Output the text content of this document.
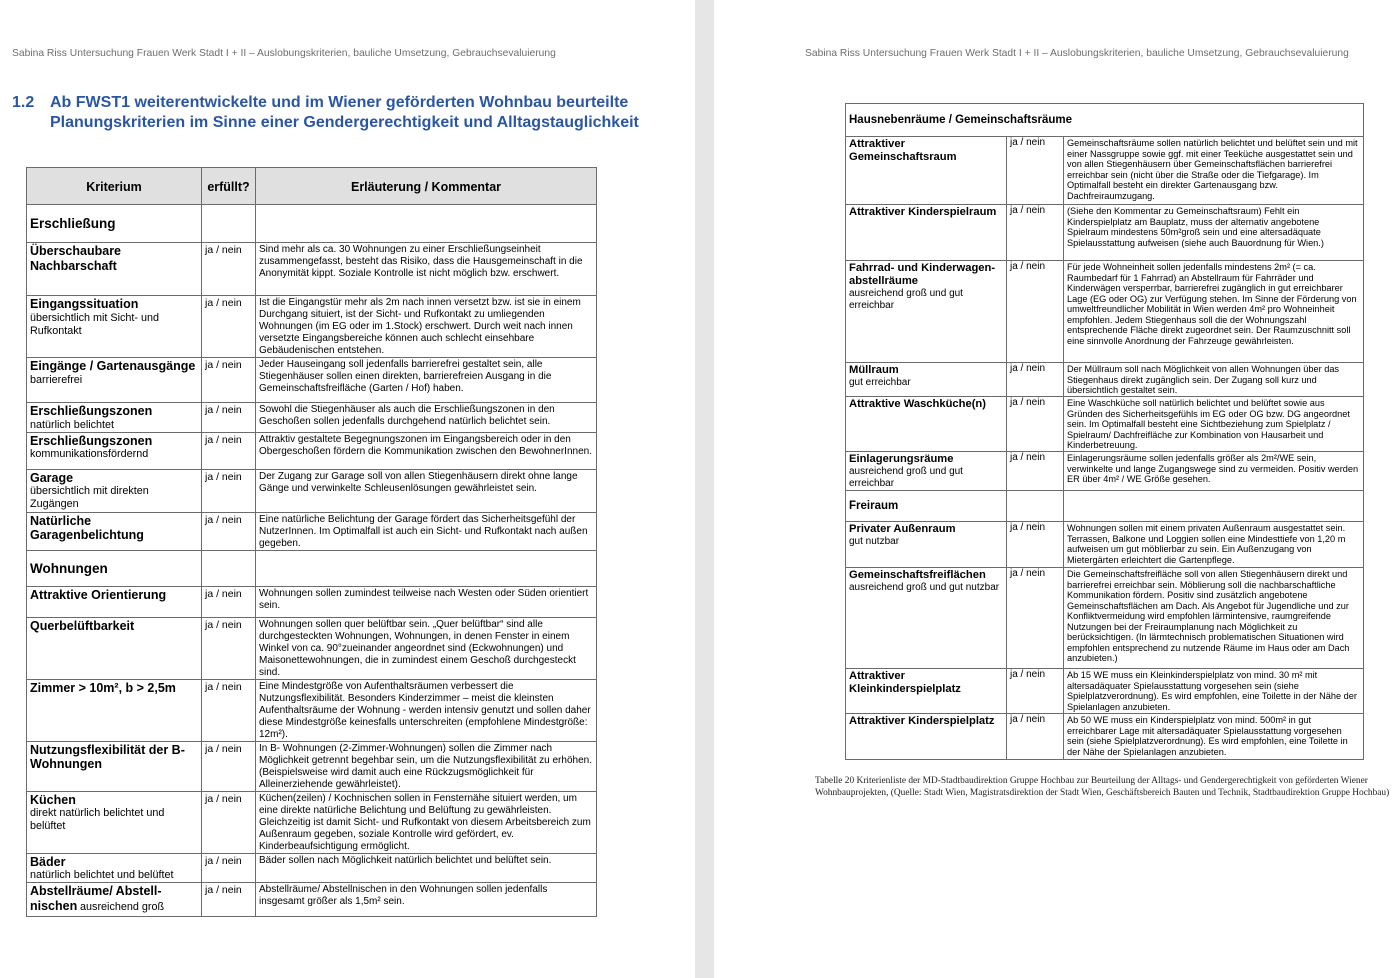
Sabina Riss Untersuchung Frauen Werk Stadt I + II – Auslobungskriterien, bauliche Umsetzung, Gebrauchsevaluierung
1.2 Ab FWST1 weiterentwickelte und im Wiener geförderten Wohnbau beurteilte Planungskriterien im Sinne einer Gendergerechtigkeit und Alltagstauglichkeit
Kriterium	erfüllt?	Erläuterung / Kommentar
Erschließung		

Überschaubare Nachbarschaft	ja / nein	Sind mehr als ca. 30 Wohnungen zu einer Erschließungseinheit zusammengefasst, besteht das Risiko, dass die Hausgemeinschaft in die Anonymität kippt. Soziale Kontrolle ist nicht möglich bzw. erschwert.

Eingangssituation
übersichtlich mit Sicht- und Rufkontakt	ja / nein	Ist die Eingangstür mehr als 2m nach innen versetzt bzw. ist sie in einem Durchgang situiert, ist der Sicht- und Rufkontakt zu umliegenden Wohnungen (im EG oder im 1.Stock) erschwert. Durch weit nach innen versetzte Eingangsbereiche können auch schlecht einsehbare Gebäudenischen entstehen.

Eingänge / Gartenausgänge
barrierefrei	ja / nein	Jeder Hauseingang soll jedenfalls barrierefrei gestaltet sein, alle Stiegenhäuser sollen einen direkten, barrierefreien Ausgang in die Gemeinschaftsfreifläche (Garten / Hof) haben.

Erschließungszonen
natürlich belichtet	ja / nein	Sowohl die Stiegenhäuser als auch die Erschließungszonen in den Geschoßen sollen jedenfalls durchgehend natürlich belichtet sein.

Erschließungszonen
kommunikationsfördernd	ja / nein	Attraktiv gestaltete Begegnungszonen im Eingangsbereich oder in den Obergeschoßen fördern die Kommunikation zwischen den BewohnerInnen.

Garage
übersichtlich mit direkten Zugängen	ja / nein	Der Zugang zur Garage soll von allen Stiegenhäusern direkt ohne lange Gänge und verwinkelte Schleusenlösungen gewährleistet sein.

Natürliche Garagenbelichtung	ja / nein	Eine natürliche Belichtung der Garage fördert das Sicherheitsgefühl der NutzerInnen. Im Optimalfall ist auch ein Sicht- und Rufkontakt nach außen gegeben.
Wohnungen		

Attraktive Orientierung	ja / nein	Wohnungen sollen zumindest teilweise nach Westen oder Süden orientiert sein.

Querbelüftbarkeit	ja / nein	Wohnungen sollen quer belüftbar sein. „Quer belüftbar“ sind alle durchgesteckten Wohnungen, Wohnungen, in denen Fenster in einem Winkel von ca. 90°zueinander angeordnet sind (Eckwohnungen) und Maisonettewohnungen, die in zumindest einem Geschoß durchgesteckt sind.

Zimmer > 10m², b > 2,5m	ja / nein	Eine Mindestgröße von Aufenthaltsräumen verbessert die Nutzungsflexibilität. Besonders Kinderzimmer – meist die kleinsten Aufenthaltsräume der Wohnung - werden intensiv genutzt und sollen daher diese Mindestgröße keinesfalls unterschreiten (empfohlene Mindestgröße: 12m²).

Nutzungsflexibilität der B-Wohnungen	ja / nein	In B- Wohnungen (2-Zimmer-Wohnungen) sollen die Zimmer nach Möglichkeit getrennt begehbar sein, um die Nutzungsflexibilität zu erhöhen. (Beispielsweise wird damit auch eine Rückzugsmöglichkeit für Alleinerziehende gewährleistet).

Küchen
direkt natürlich belichtet und belüftet	ja / nein	Küchen(zeilen) / Kochnischen sollen in Fensternähe situiert werden, um eine direkte natürliche Belichtung und Belüftung zu gewährleisten. Gleichzeitig ist damit Sicht- und Rufkontakt von diesem Arbeitsbereich zum Außenraum gegeben, soziale Kontrolle wird gefördert, ev. Kinderbeaufsichtigung ermöglicht.

Bäder
natürlich belichtet und belüftet	ja / nein	Bäder sollen nach Möglichkeit natürlich belichtet und belüftet sein.
Abstellräume/ Abstell-nischen ausreichend groß	ja / nein	Abstellräume/ Abstellnischen in den Wohnungen sollen jedenfalls insgesamt größer als 1,5m² sein.
Sabina Riss Untersuchung Frauen Werk Stadt I + II – Auslobungskriterien, bauliche Umsetzung, Gebrauchsevaluierung
Hausnebenräume / Gemeinschaftsräume		

Attraktiver Gemeinschaftsraum	ja / nein	Gemeinschaftsräume sollen natürlich belichtet und belüftet sein und mit einer Nassgruppe sowie ggf. mit einer Teeküche ausgestattet sein und von allen Stiegenhäusern über Gemeinschaftsflächen barrierefrei erreichbar sein (nicht über die Straße oder die Tiefgarage). Im Optimalfall besteht ein direkter Gartenausgang bzw. Dachfreiraumzugang.

Attraktiver Kinderspielraum	ja / nein	(Siehe den Kommentar zu Gemeinschaftsraum) Fehlt ein Kinderspielplatz am Bauplatz, muss der alternativ angebotene Spielraum mindestens 50m²groß sein und eine altersadäquate Spielausstattung aufweisen (siehe auch Bauordnung für Wien.)

Fahrrad- und Kinderwagen-abstellräume
ausreichend groß und gut erreichbar	ja / nein	Für jede Wohneinheit sollen jedenfalls mindestens 2m² (= ca. Raumbedarf für 1 Fahrrad) an Abstellraum für Fahrräder und Kinderwägen versperrbar, barrierefrei zugänglich in gut erreichbarer Lage (EG oder OG) zur Verfügung stehen. Im Sinne der Förderung von umweltfreundlicher Mobilität in Wien werden 4m² pro Wohneinheit empfohlen. Jedem Stiegenhaus soll die der Wohnungszahl entsprechende Fläche direkt zugeordnet sein. Der Raumzuschnitt soll eine sinnvolle Anordnung der Fahrzeuge gewährleisten.

Müllraum
gut erreichbar	ja / nein	Der Müllraum soll nach Möglichkeit von allen Wohnungen über das Stiegenhaus direkt zugänglich sein. Der Zugang soll kurz und übersichtlich gestaltet sein.

Attraktive Waschküche(n)	ja / nein	Eine Waschküche soll natürlich belichtet und belüftet sowie aus Gründen des Sicherheitsgefühls im EG oder OG bzw. DG angeordnet sein. Im Optimalfall besteht eine Sichtbeziehung zum Spielplatz / Spielraum/ Dachfreifläche zur Kombination von Hausarbeit und Kinderbetreuung.

Einlagerungsräume
ausreichend groß und gut erreichbar	ja / nein	Einlagerungsräume sollen jedenfalls größer als 2m²/WE sein, verwinkelte und lange Zugangswege sind zu vermeiden. Positiv werden ER über 4m² / WE Größe gesehen.
Freiraum		

Privater Außenraum
gut nutzbar	ja / nein	Wohnungen sollen mit einem privaten Außenraum ausgestattet sein. Terrassen, Balkone und Loggien sollen eine Mindesttiefe von 1,20 m aufweisen um gut möblierbar zu sein. Ein Außenzugang von Mietergärten erleichtert die Gartenpflege.

Gemeinschaftsfreiflächen
ausreichend groß und gut nutzbar	ja / nein	Die Gemeinschaftsfreifläche soll von allen Stiegenhäusern direkt und barrierefrei erreichbar sein. Möblierung soll die nachbarschaftliche Kommunikation fördern. Positiv sind zusätzlich angebotene Gemeinschaftsflächen am Dach. Als Angebot für Jugendliche und zur Konfliktvermeidung wird empfohlen lärmintensive, raumgreifende Nutzungen bei der Freiraumplanung nach Möglichkeit zu berücksichtigen. (In lärmtechnisch problematischen Situationen wird empfohlen entsprechend zu nutzende Räume im Haus oder am Dach anzubieten.)

Attraktiver Kleinkinderspielplatz	ja / nein	Ab 15 WE muss ein Kleinkinderspielplatz von mind. 30 m² mit altersadäquater Spielausstattung vorgesehen sein (siehe Spielplatzverordnung). Es wird empfohlen, eine Toilette in der Nähe der Spielanlagen anzubieten.

Attraktiver Kinderspielplatz	ja / nein	Ab 50 WE muss ein Kinderspielplatz von mind. 500m² in gut erreichbarer Lage mit altersadäquater Spielausstattung vorgesehen sein (siehe Spielplatzverordnung). Es wird empfohlen, eine Toilette in der Nähe der Spielanlagen anzubieten.
Tabelle 20 Kriterienliste der MD-Stadtbaudirektion Gruppe Hochbau zur Beurteilung der Alltags- und Gendergerechtigkeit von geförderten Wiener Wohnbauprojekten, (Quelle: Stadt Wien, Magistratsdirektion der Stadt Wien, Geschäftsbereich Bauten und Technik, Stadtbaudirektion Gruppe Hochbau)
